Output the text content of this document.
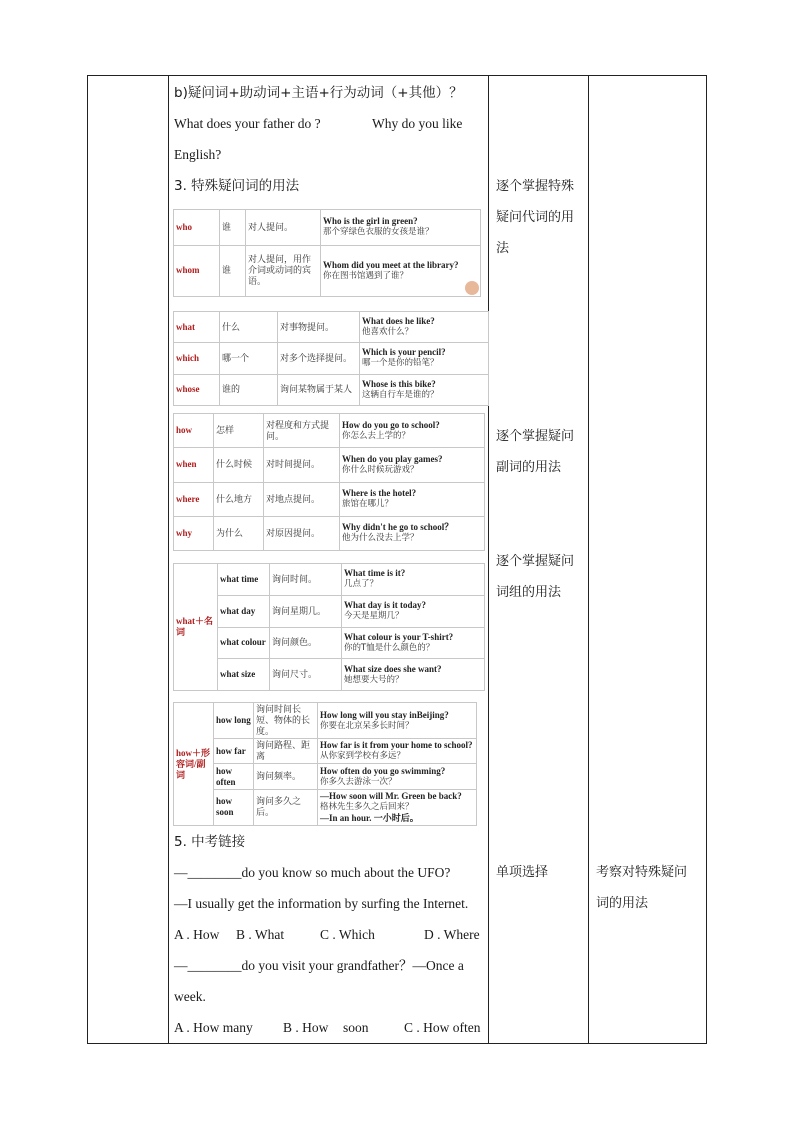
b)疑问词+助动词+主语+行为动词（+其他）？
What does your father do ?	Why do you like
English?
3. 特殊疑问词的用法
who	谁	对人提问。	Who is the girl in green?
那个穿绿色衣服的女孩是谁？

whom	谁	对人提问，用作介词或动词的宾语。	Whom did you meet at the library?
你在图书馆遇到了谁？
what	什么	对事物提问。	What does he like?
他喜欢什么？

which	哪一个	对多个选择提问。	Which is your pencil?
哪一个是你的铅笔？

whose	谁的	询问某物属于某人	Whose is this bike?
这辆自行车是谁的？
how	怎样	对程度和方式提问。	How do you go to school?
你怎么去上学的？

when	什么时候	对时间提问。	When do you play games?
你什么时候玩游戏？

where	什么地方	对地点提问。	Where is the hotel?
旅馆在哪儿？

why	为什么	对原因提问。	Why didn't he go to school？
他为什么没去上学？
what＋名词	what time	询问时间。	What time is it?
几点了？

	what day	询问星期几。	What day is it today?
今天是星期几？

	what colour	询问颜色。	What colour is your T-shirt?
你的T恤是什么颜色的？

	what size	询问尺寸。	What size does she want?
她想要大号的？
how＋形容词/副词	how long	询问时间长短、物体的长度。	How long will you stay inBeijing?
你要在北京呆多长时间？

	how far	询问路程、距离	How far is it from your home to school?
从你家到学校有多远？

	how often	询问频率。	How often do you go swimming?
你多久去游泳一次？

	how soon	询问多久之后。	—How soon will Mr. Green be back?
格林先生多久之后回来？
—In an hour. 一小时后。
5. 中考链接
—________do you know so much about the UFO?
—I usually get the information by surfing the Internet.
A . How B . What	C . Which	D . Where
—________do you visit your grandfather？—Once a
week.
A . How many B . How soon	C . How often
逐个掌握特殊
疑问代词的用
法
逐个掌握疑问
副词的用法
逐个掌握疑问
词组的用法
单项选择	考察对特殊疑问
词的用法
